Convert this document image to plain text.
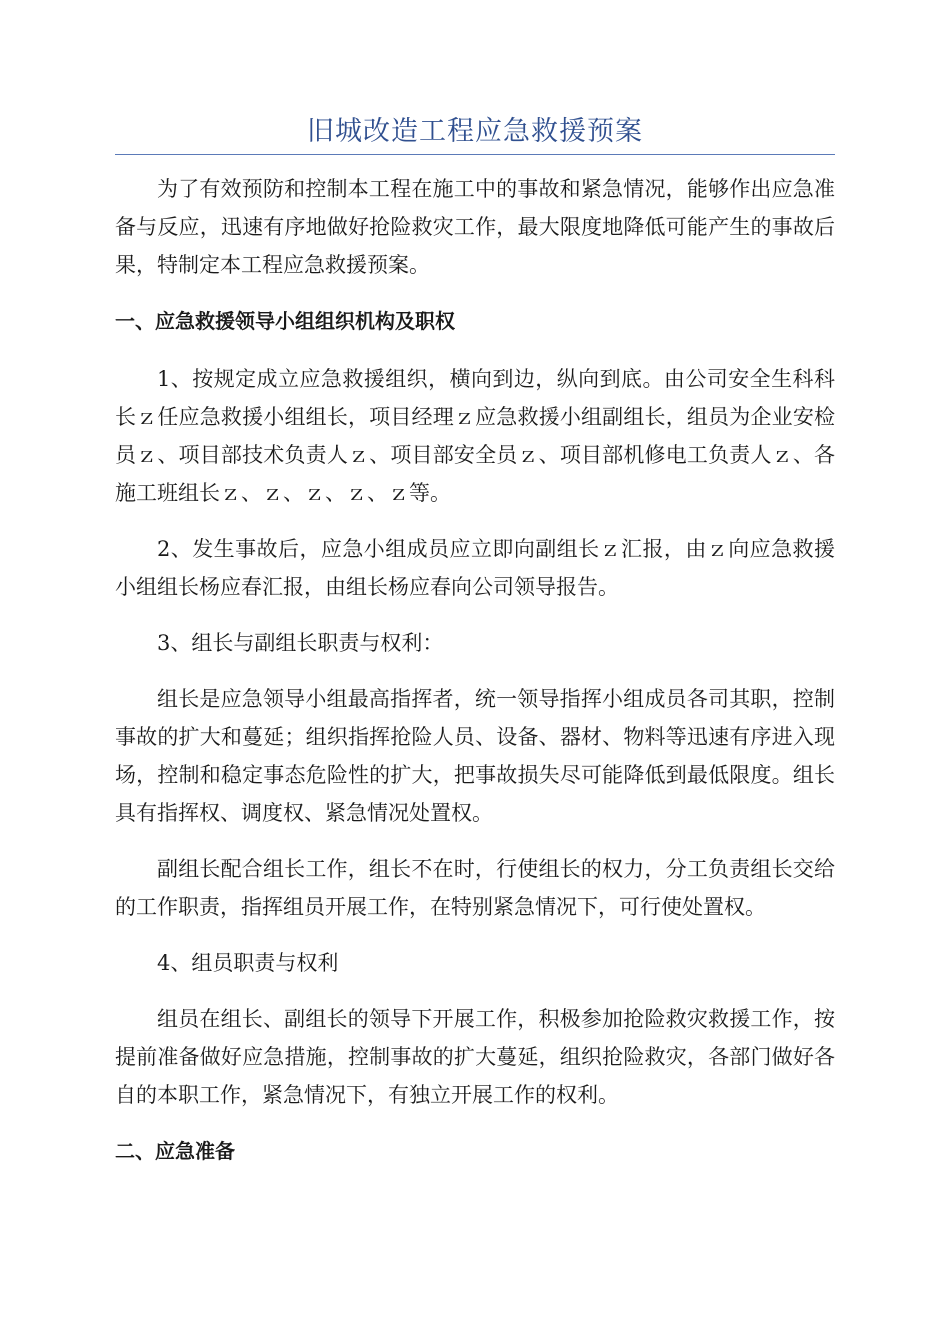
旧城改造工程应急救援预案

为了有效预防和控制本工程在施工中的事故和紧急情况，能够作出应急准备与反应，迅速有序地做好抢险救灾工作，最大限度地降低可能产生的事故后果，特制定本工程应急救援预案。

一、应急救援领导小组组织机构及职权

1、按规定成立应急救援组织，横向到边，纵向到底。由公司安全生科科长ｚ任应急救援小组组长，项目经理ｚ应急救援小组副组长，组员为企业安检员ｚ、项目部技术负责人ｚ、项目部安全员ｚ、项目部机修电工负责人ｚ、各施工班组长ｚ、ｚ、ｚ、ｚ、ｚ等。

2、发生事故后，应急小组成员应立即向副组长ｚ汇报，由ｚ向应急救援小组组长杨应春汇报，由组长杨应春向公司领导报告。

3、组长与副组长职责与权利：

组长是应急领导小组最高指挥者，统一领导指挥小组成员各司其职，控制事故的扩大和蔓延；组织指挥抢险人员、设备、器材、物料等迅速有序进入现场，控制和稳定事态危险性的扩大，把事故损失尽可能降低到最低限度。组长具有指挥权、调度权、紧急情况处置权。

副组长配合组长工作，组长不在时，行使组长的权力，分工负责组长交给的工作职责，指挥组员开展工作，在特别紧急情况下，可行使处置权。

4、组员职责与权利

组员在组长、副组长的领导下开展工作，积极参加抢险救灾救援工作，按提前准备做好应急措施，控制事故的扩大蔓延，组织抢险救灾，各部门做好各自的本职工作，紧急情况下，有独立开展工作的权利。

二、应急准备
